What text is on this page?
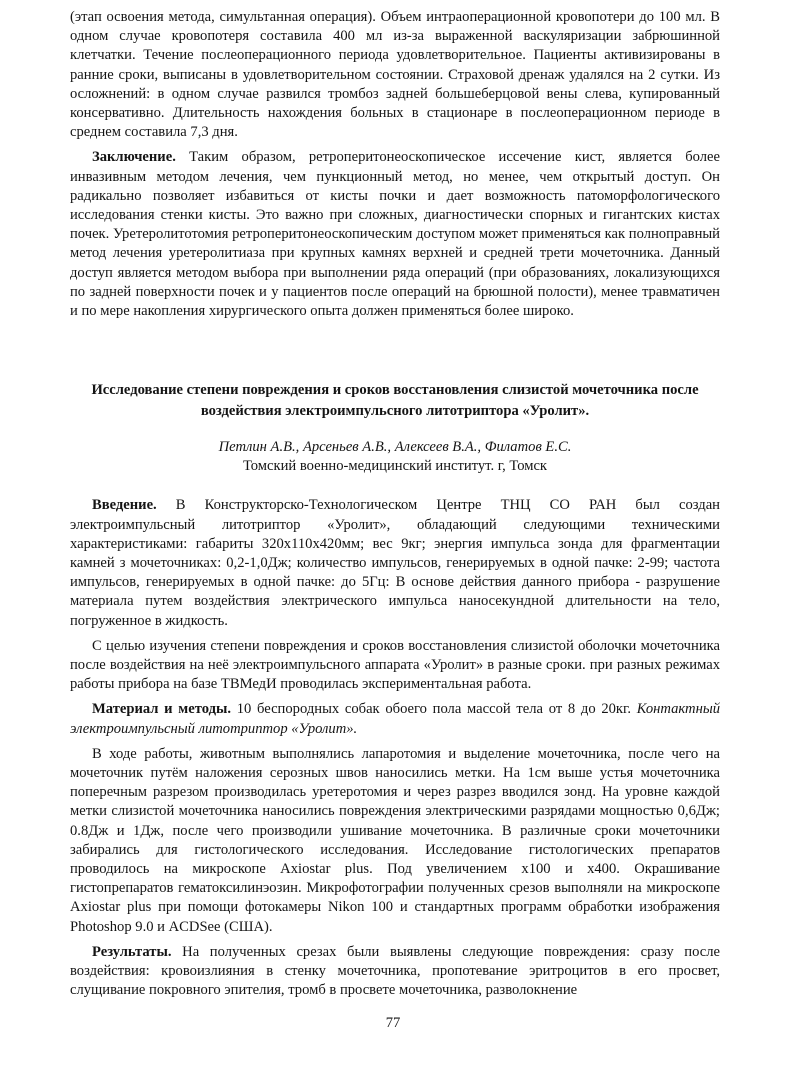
(этап освоения метода, симультанная операция). Объем интраоперационной кровопотери до 100 мл. В одном случае кровопотеря составила 400 мл из-за выраженной васкуляризации забрюшинной клетчатки. Течение послеоперационного периода удовлетворительное. Пациенты активизированы в ранние сроки, выписаны в удовлетворительном состоянии. Страховой дренаж удалялся на 2 сутки. Из осложнений: в одном случае развился тромбоз задней большеберцовой вены слева, купированный консервативно. Длительность нахождения больных в стационаре в послеоперационном периоде в среднем составила 7,3 дня.

Заключение. Таким образом, ретроперитонеоскопическое иссечение кист, является более инвазивным методом лечения, чем пункционный метод, но менее, чем открытый доступ. Он радикально позволяет избавиться от кисты почки и дает возможность патоморфологического исследования стенки кисты. Это важно при сложных, диагностически спорных и гигантских кистах почек. Уретеролитотомия ретроперитонеоскопическим доступом может применяться как полноправный метод лечения уретеролитиаза при крупных камнях верхней и средней трети мочеточника. Данный доступ является методом выбора при выполнении ряда операций (при образованиях, локализующихся по задней поверхности почек и у пациентов после операций на брюшной полости), менее травматичен и по мере накопления хирургического опыта должен применяться более широко.

Исследование степени повреждения и сроков восстановления слизистой мочеточника после воздействия электроимпульсного литотриптора «Уролит».

Петлин А.В., Арсеньев А.В., Алексеев В.А., Филатов Е.С.

Томский военно-медицинский институт. г, Томск

Введение. В Конструкторско-Технологическом Центре ТНЦ СО РАН был создан электроимпульсный литотриптор «Уролит», обладающий следующими техническими характеристиками: габариты 320х110х420мм; вес 9кг; энергия импульса зонда для фрагментации камней з мочеточниках: 0,2-1,0Дж; количество импульсов, генерируемых в одной пачке: 2-99; частота импульсов, генерируемых в одной пачке: до 5Гц: В основе действия данного прибора - разрушение материала путем воздействия электрического импульса наносекундной длительности на тело, погруженное в жидкость.

С целью изучения степени повреждения и сроков восстановления слизистой оболочки мочеточника после воздействия на неё электроимпульсного аппарата «Уролит» в разные сроки. при разных режимах работы прибора на базе ТВМедИ проводилась экспериментальная работа.

Материал и методы. 10 беспородных собак обоего пола массой тела от 8 до 20кг. Контактный электроимпульсный литотриптор «Уролит».

В ходе работы, животным выполнялись лапаротомия и выделение мочеточника, после чего на мочеточник путём наложения серозных швов наносились метки. На 1см выше устья мочеточника поперечным разрезом производилась уретеротомия и через разрез вводился зонд. На уровне каждой метки слизистой мочеточника наносились повреждения электрическими разрядами мощностью 0,6Дж; 0.8Дж и 1Дж, после чего производили ушивание мочеточника. В различные сроки мочеточники забирались для гистологического исследования. Исследование гистологических препаратов проводилось на микроскопе Axiostar plus. Под увеличением х100 и х400. Окрашивание гистопрепаратов гематоксилинэозин. Микрофотографии полученных срезов выполняли на микроскопе Axiostar plus при помощи фотокамеры Nikon 100 и стандартных программ обработки изображения Photoshop 9.0 и ACDSee (США).

Результаты. На полученных срезах были выявлены следующие повреждения: сразу после воздействия: кровоизлияния в стенку мочеточника, пропотевание эритроцитов в его просвет, слущивание покровного эпителия, тромб в просвете мочеточника, разволокнение

77
